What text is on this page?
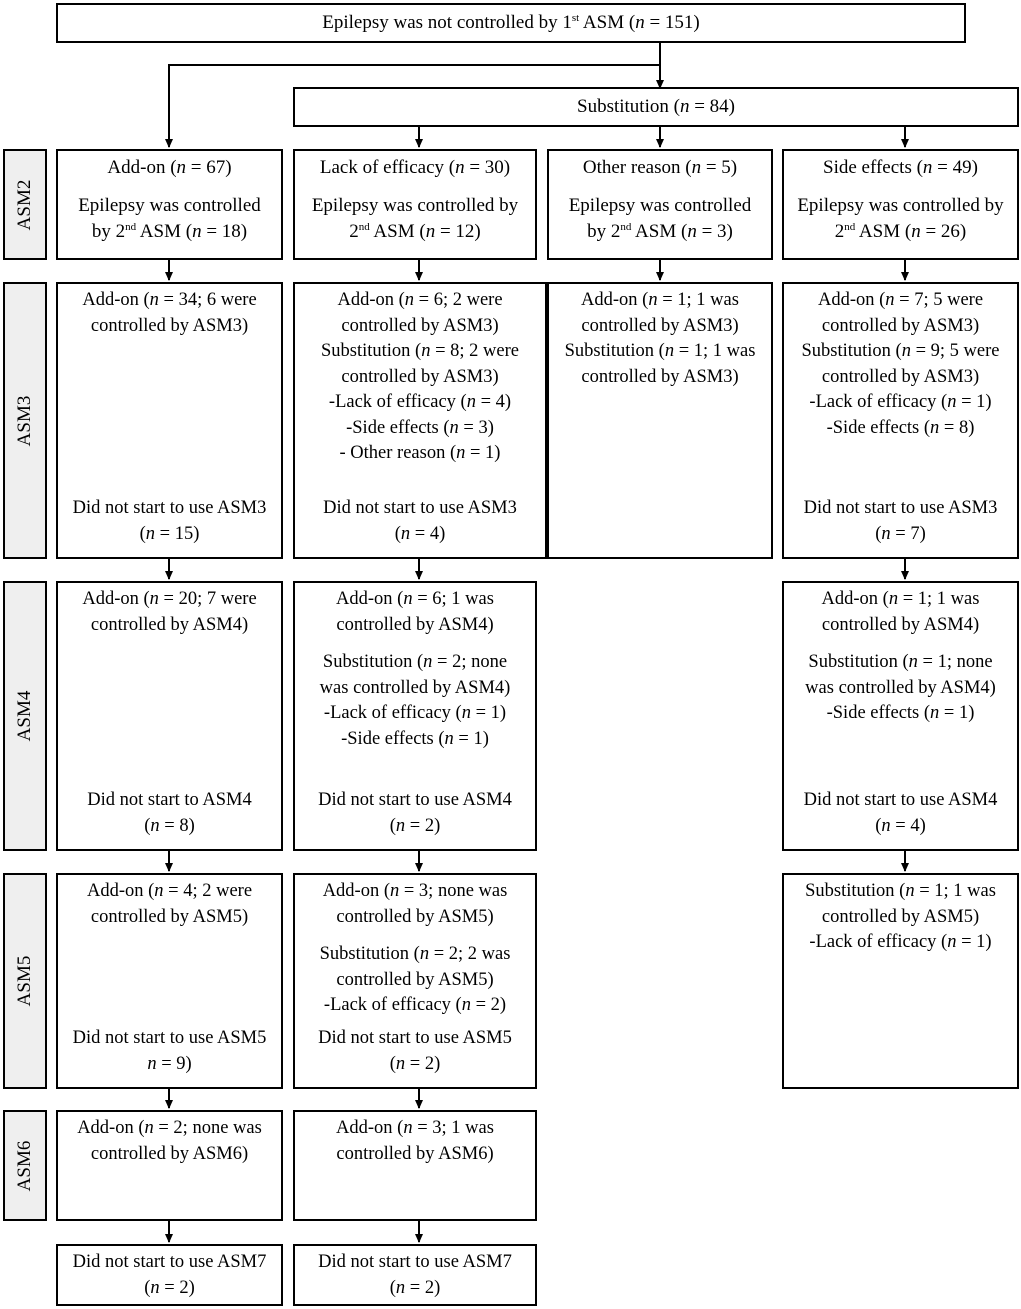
Epilepsy was not controlled by 1st ASM (n = 151)

Substitution (n = 84)

ASM2
ASM3
ASM4
ASM5
ASM6

Add-on (n = 67)

Epilepsy was controlled

by 2nd ASM (n = 18)

Lack of efficacy (n = 30)

Epilepsy was controlled by

2nd ASM (n = 12)

Other reason (n = 5)

Epilepsy was controlled

by 2nd ASM (n = 3)

Side effects (n = 49)

Epilepsy was controlled by

2nd ASM (n = 26)

Add-on (n = 34; 6 were

controlled by ASM3)

Did not start to use ASM3

(n = 15)

Add-on (n = 6; 2 were

controlled by ASM3)

Substitution (n = 8; 2 were

controlled by ASM3)

-Lack of efficacy (n = 4)

-Side effects (n = 3)

- Other reason (n = 1)

Did not start to use ASM3

(n = 4)

Add-on (n = 1; 1 was

controlled by ASM3)

Substitution (n = 1; 1 was

controlled by ASM3)

Add-on (n = 7; 5 were

controlled by ASM3)

Substitution (n = 9; 5 were

controlled by ASM3)

-Lack of efficacy (n = 1)

-Side effects (n = 8)

Did not start to use ASM3

(n = 7)

Add-on (n = 20; 7 were

controlled by ASM4)

Did not start to ASM4

(n = 8)

Add-on (n = 6; 1 was

controlled by ASM4)

Substitution (n = 2; none

was controlled by ASM4)

-Lack of efficacy (n = 1)

-Side effects (n = 1)

Did not start to use ASM4

(n = 2)

Add-on (n = 1; 1 was

controlled by ASM4)

Substitution (n = 1; none

was controlled by ASM4)

-Side effects (n = 1)

Did not start to use ASM4

(n = 4)

Add-on (n = 4; 2 were

controlled by ASM5)

Did not start to use ASM5

n = 9)

Add-on (n = 3; none was

controlled by ASM5)

Substitution (n = 2; 2 was

controlled by ASM5)

-Lack of efficacy (n = 2)

Did not start to use ASM5

(n = 2)

Substitution (n = 1; 1 was

controlled by ASM5)

-Lack of efficacy (n = 1)

Add-on (n = 2; none was

controlled by ASM6)

Add-on (n = 3; 1 was

controlled by ASM6)

Did not start to use ASM7

(n = 2)

Did not start to use ASM7

(n = 2)
